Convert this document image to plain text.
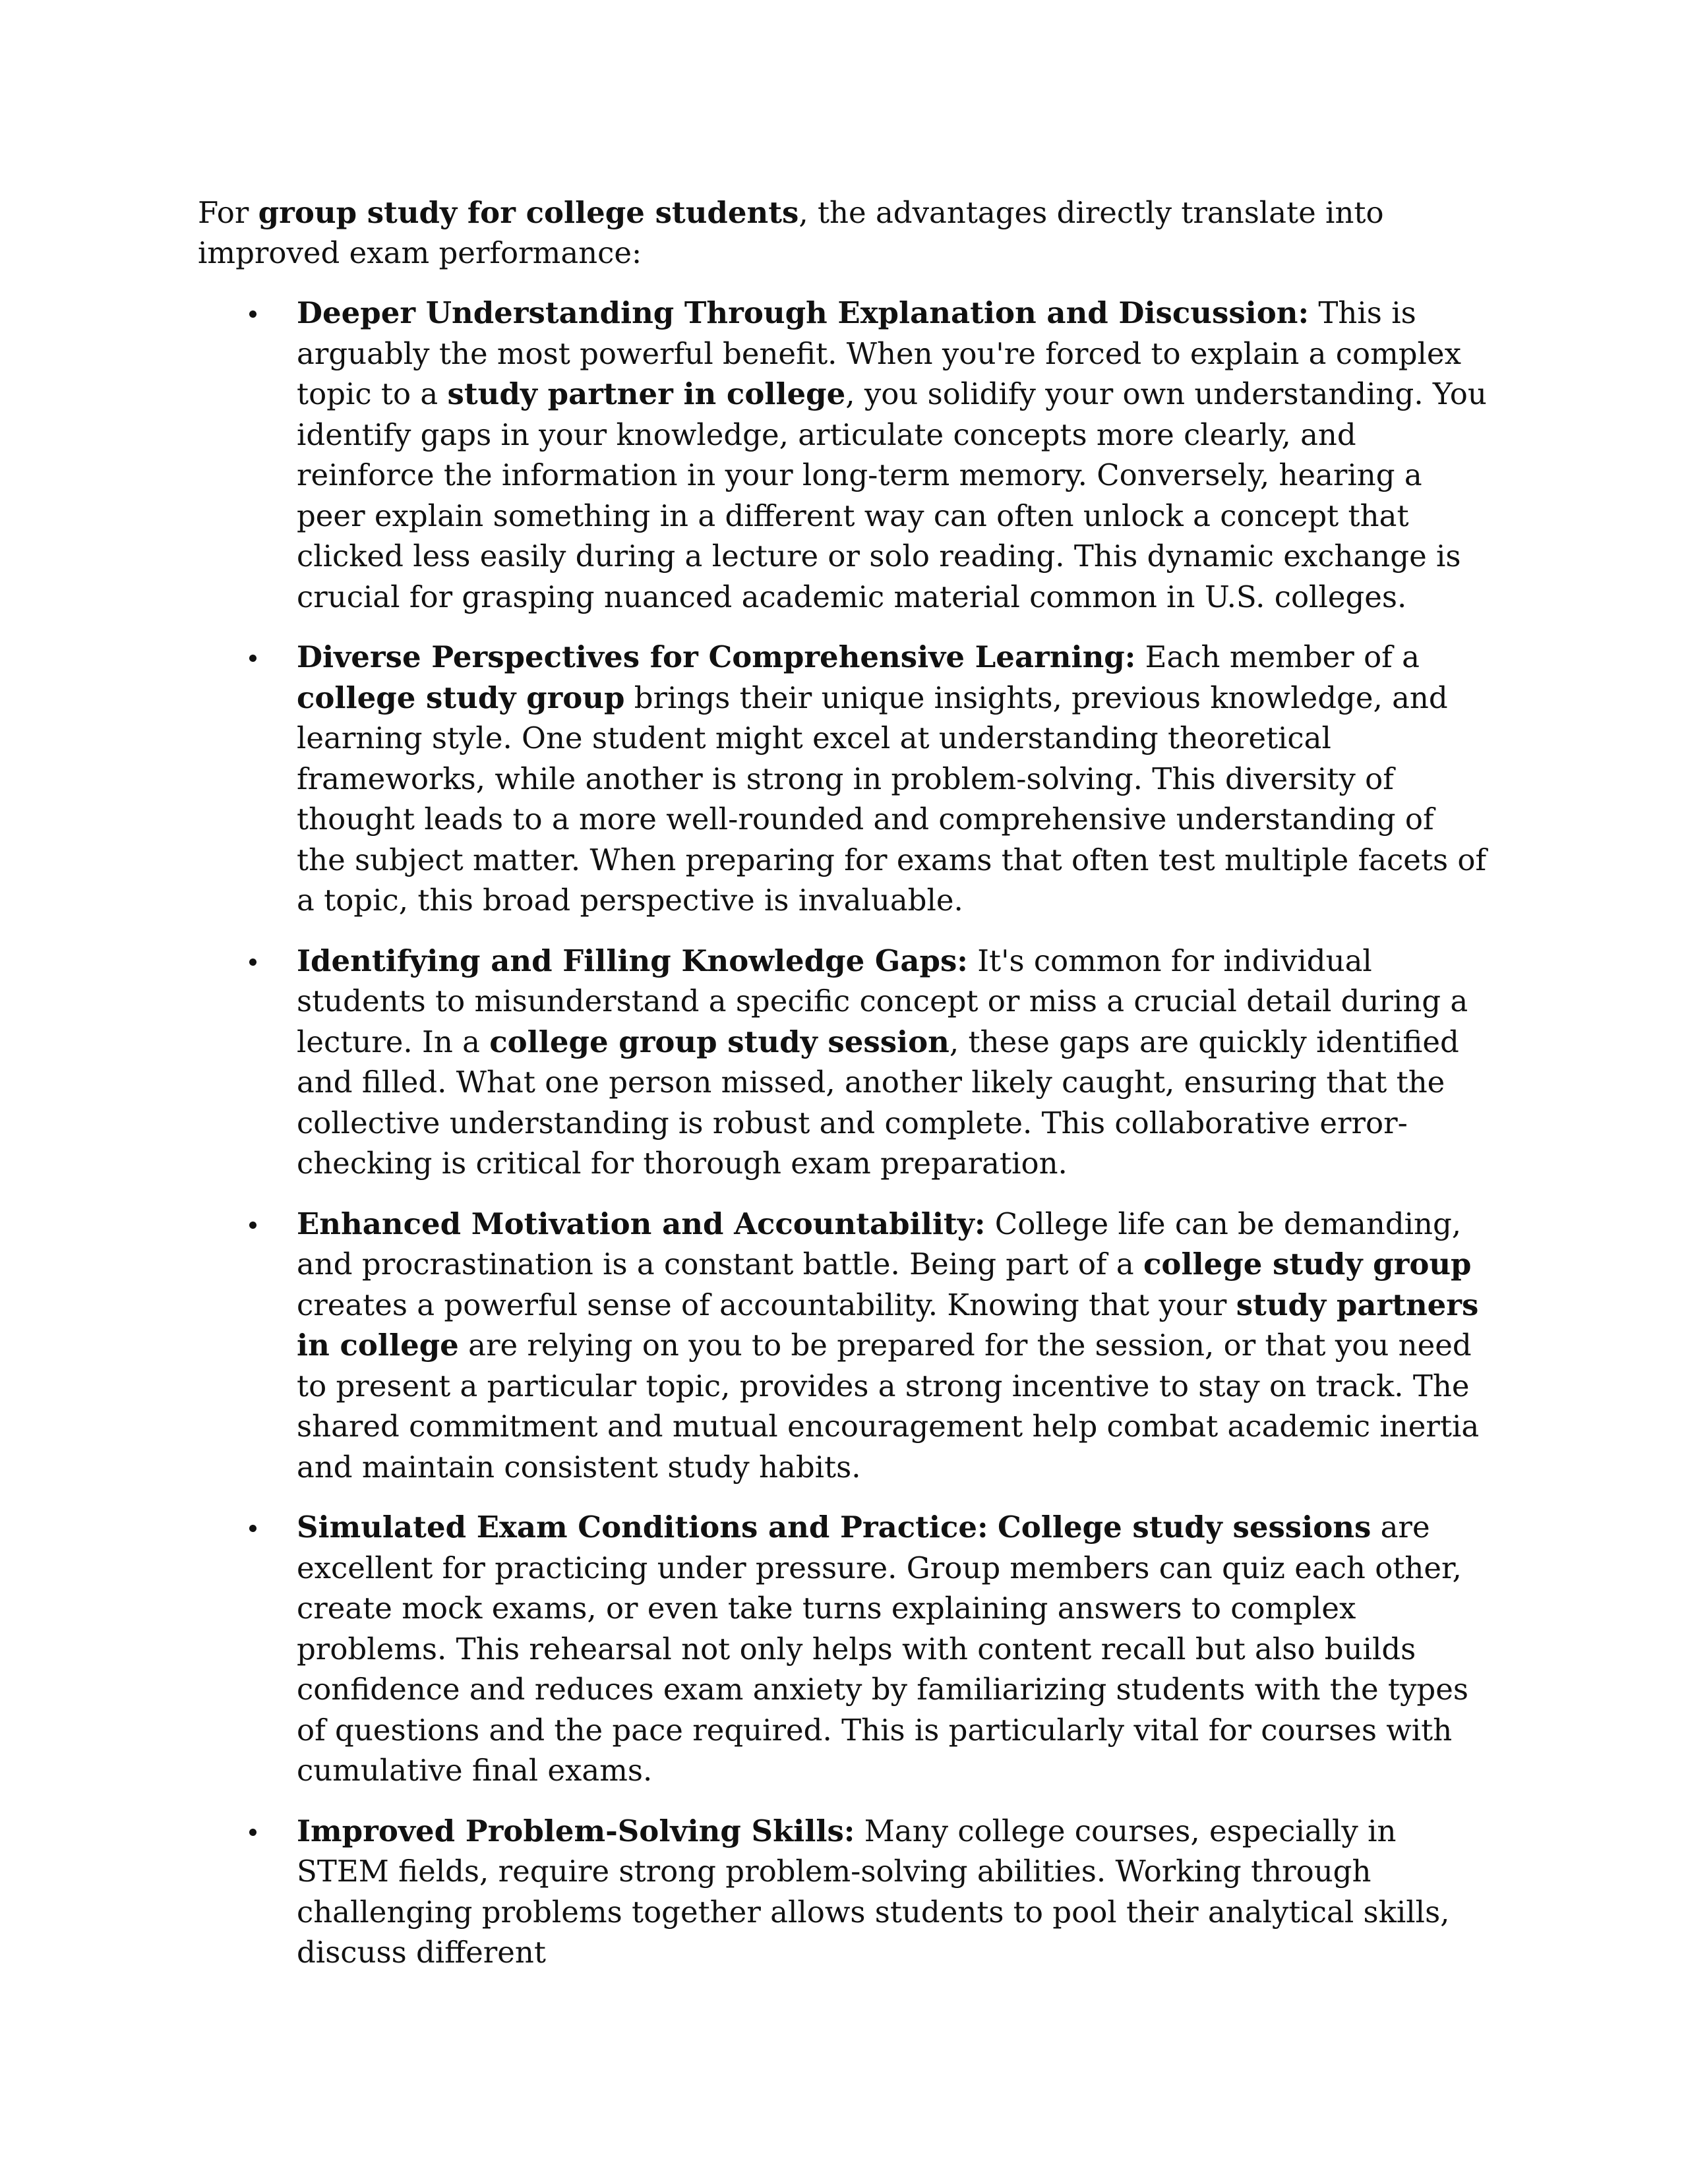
For group study for college students, the advantages directly translate into improved exam performance:

Deeper Understanding Through Explanation and Discussion: This is arguably the most powerful benefit. When you're forced to explain a complex topic to a study partner in college, you solidify your own understanding. You identify gaps in your knowledge, articulate concepts more clearly, and reinforce the information in your long-term memory. Conversely, hearing a peer explain something in a different way can often unlock a concept that clicked less easily during a lecture or solo reading. This dynamic exchange is crucial for grasping nuanced academic material common in U.S. colleges.
Diverse Perspectives for Comprehensive Learning: Each member of a college study group brings their unique insights, previous knowledge, and learning style. One student might excel at understanding theoretical frameworks, while another is strong in problem-solving. This diversity of thought leads to a more well-rounded and comprehensive understanding of the subject matter. When preparing for exams that often test multiple facets of a topic, this broad perspective is invaluable.
Identifying and Filling Knowledge Gaps: It's common for individual students to misunderstand a specific concept or miss a crucial detail during a lecture. In a college group study session, these gaps are quickly identified and filled. What one person missed, another likely caught, ensuring that the collective understanding is robust and complete. This collaborative error-checking is critical for thorough exam preparation.
Enhanced Motivation and Accountability: College life can be demanding, and procrastination is a constant battle. Being part of a college study group creates a powerful sense of accountability. Knowing that your study partners in college are relying on you to be prepared for the session, or that you need to present a particular topic, provides a strong incentive to stay on track. The shared commitment and mutual encouragement help combat academic inertia and maintain consistent study habits.
Simulated Exam Conditions and Practice: College study sessions are excellent for practicing under pressure. Group members can quiz each other, create mock exams, or even take turns explaining answers to complex problems. This rehearsal not only helps with content recall but also builds confidence and reduces exam anxiety by familiarizing students with the types of questions and the pace required. This is particularly vital for courses with cumulative final exams.
Improved Problem-Solving Skills: Many college courses, especially in STEM fields, require strong problem-solving abilities. Working through challenging problems together allows students to pool their analytical skills, discuss different
